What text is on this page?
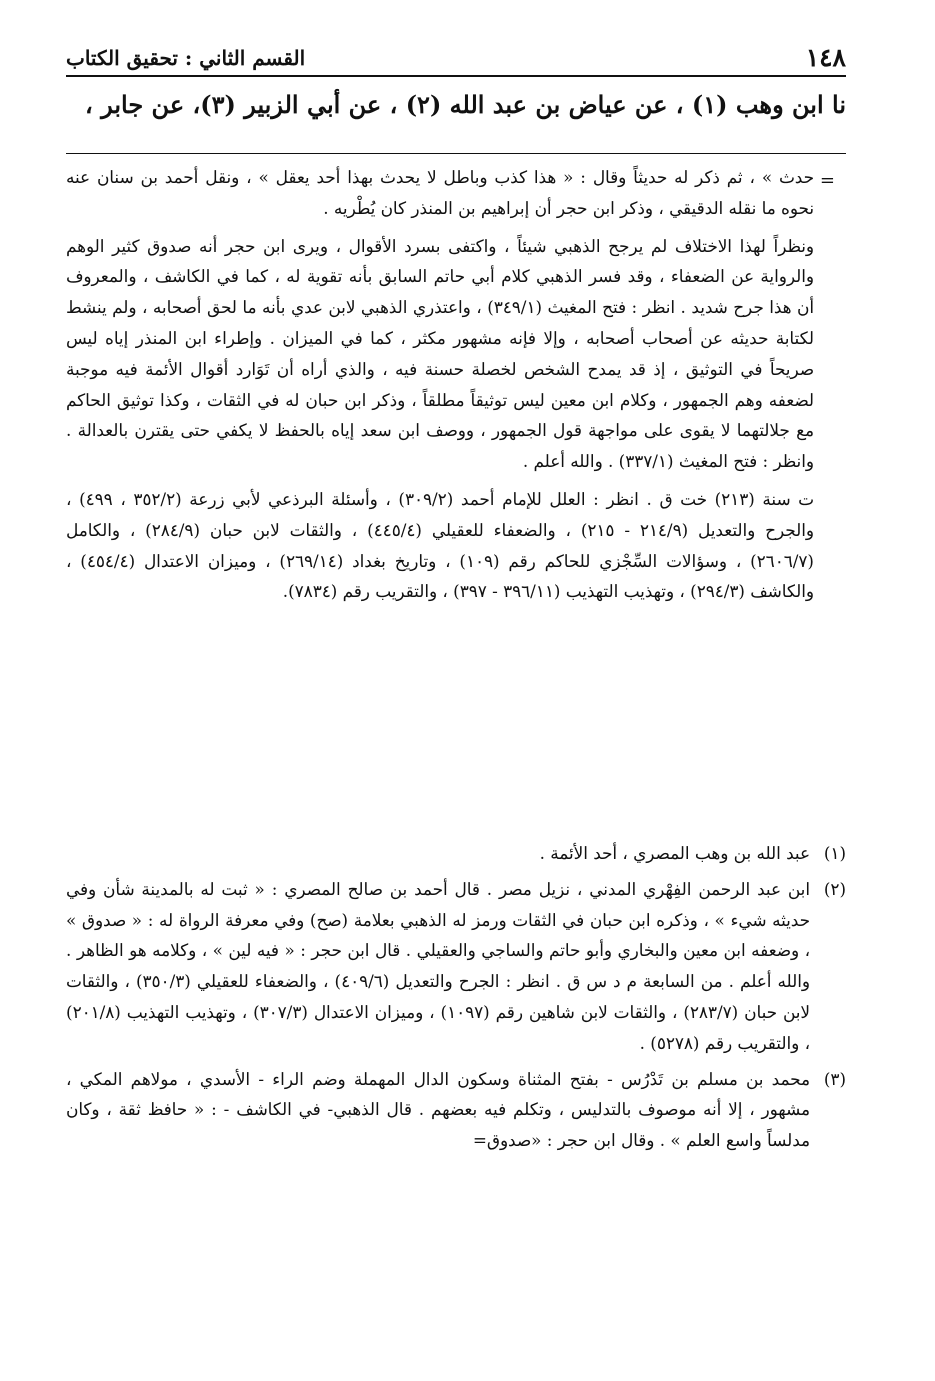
١٤٨
القسم الثاني : تحقيق الكتاب
نا ابن وهب (١) ، عن عياض بن عبد الله (٢) ، عن أبي الزبير (٣)، عن جابر ،
=

حدث » ، ثم ذكر له حديثاً وقال : « هذا كذب وباطل لا يحدث بهذا أحد يعقل » ، ونقل أحمد بن سنان عنه نحوه ما نقله الدقيقي ، وذكر ابن حجر أن إبراهيم بن المنذر كان يُطْريه .

ونظراً لهذا الاختلاف لم يرجح الذهبي شيئاً ، واكتفى بسرد الأقوال ، ويرى ابن حجر أنه صدوق كثير الوهم والرواية عن الضعفاء ، وقد فسر الذهبي كلام أبي حاتم السابق بأنه تقوية له ، كما في الكاشف ، والمعروف أن هذا جرح شديد . انظر : فتح المغيث (٣٤٩/١) ، واعتذري الذهبي لابن عدي بأنه ما لحق أصحابه ، ولم ينشط لكتابة حديثه عن أصحاب أصحابه ، وإلا فإنه مشهور مكثر ، كما في الميزان . وإطراء ابن المنذر إياه ليس صريحاً في التوثيق ، إذ قد يمدح الشخص لخصلة حسنة فيه ، والذي أراه أن تَوَارد أقوال الأئمة فيه موجبة لضعفه وهم الجمهور ، وكلام ابن معين ليس توثيقاً مطلقاً ، وذكر ابن حبان له في الثقات ، وكذا توثيق الحاكم مع جلالتهما لا يقوى على مواجهة قول الجمهور ، ووصف ابن سعد إياه بالحفظ لا يكفي حتى يقترن بالعدالة . وانظر : فتح المغيث (٣٣٧/١) . والله أعلم .

ت سنة (٢١٣) خت ق . انظر : العلل للإمام أحمد (٣٠٩/٢) ، وأسئلة البرذعي لأبي زرعة (٣٥٢/٢ ، ٤٩٩) ، والجرح والتعديل (٢١٤/٩ - ٢١٥) ، والضعفاء للعقيلي (٤٤٥/٤) ، والثقات لابن حبان (٢٨٤/٩) ، والكامل (٢٦٠٦/٧) ، وسؤالات السِّجْزي للحاكم رقم (١٠٩) ، وتاريخ بغداد (٢٦٩/١٤) ، وميزان الاعتدال (٤٥٤/٤) ، والكاشف (٢٩٤/٣) ، وتهذيب التهذيب (٣٩٦/١١ - ٣٩٧) ، والتقريب رقم (٧٨٣٤).

(١)
عبد الله بن وهب المصري ، أحد الأئمة .
(٢)
ابن عبد الرحمن الفِهْري المدني ، نزيل مصر . قال أحمد بن صالح المصري : « ثبت له بالمدينة شأن وفي حديثه شيء » ، وذكره ابن حبان في الثقات ورمز له الذهبي بعلامة (صح) وفي معرفة الرواة له : « صدوق » ، وضعفه ابن معين والبخاري وأبو حاتم والساجي والعقيلي . قال ابن حجر : « فيه لين » ، وكلامه هو الظاهر . والله أعلم . من السابعة م د س ق . انظر : الجرح والتعديل (٤٠٩/٦) ، والضعفاء للعقيلي (٣٥٠/٣) ، والثقات لابن حبان (٢٨٣/٧) ، والثقات لابن شاهين رقم (١٠٩٧) ، وميزان الاعتدال (٣٠٧/٣) ، وتهذيب التهذيب (٢٠١/٨) ، والتقريب رقم (٥٢٧٨) .
(٣)
محمد بن مسلم بن تَدْرُس - بفتح المثناة وسكون الدال المهملة وضم الراء - الأسدي ، مولاهم المكي ، مشهور ، إلا أنه موصوف بالتدليس ، وتكلم فيه بعضهم . قال الذهبي- في الكاشف - : « حافظ ثقة ، وكان مدلساً واسع العلم » . وقال ابن حجر : «صدوق=
